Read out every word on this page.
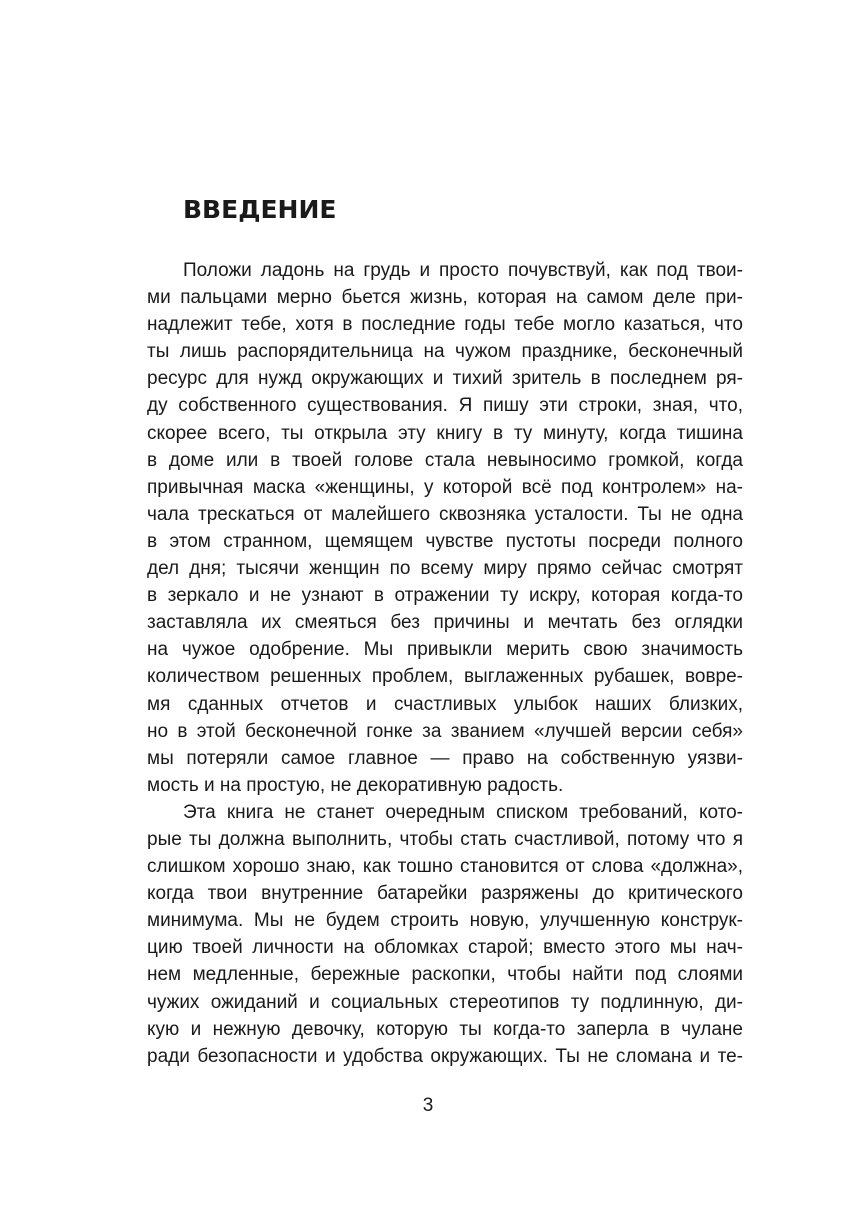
ВВЕДЕНИЕ
Положи ладонь на грудь и просто почувствуй, как под твои-
ми пальцами мерно бьется жизнь, которая на самом деле при-
надлежит тебе, хотя в последние годы тебе могло казаться, что
ты лишь распорядительница на чужом празднике, бесконечный
ресурс для нужд окружающих и тихий зритель в последнем ря-
ду собственного существования. Я пишу эти строки, зная, что,
скорее всего, ты открыла эту книгу в ту минуту, когда тишина
в доме или в твоей голове стала невыносимо громкой, когда
привычная маска «женщины, у которой всё под контролем» на-
чала трескаться от малейшего сквозняка усталости. Ты не одна
в этом странном, щемящем чувстве пустоты посреди полного
дел дня; тысячи женщин по всему миру прямо сейчас смотрят
в зеркало и не узнают в отражении ту искру, которая когда-то
заставляла их смеяться без причины и мечтать без оглядки
на чужое одобрение. Мы привыкли мерить свою значимость
количеством решенных проблем, выглаженных рубашек, вовре-
мя сданных отчетов и счастливых улыбок наших близких,
но в этой бесконечной гонке за званием «лучшей версии себя»
мы потеряли самое главное — право на собственную уязви-
мость и на простую, не декоративную радость.
Эта книга не станет очередным списком требований, кото-
рые ты должна выполнить, чтобы стать счастливой, потому что я
слишком хорошо знаю, как тошно становится от слова «должна»,
когда твои внутренние батарейки разряжены до критического
минимума. Мы не будем строить новую, улучшенную конструк-
цию твоей личности на обломках старой; вместо этого мы нач-
нем медленные, бережные раскопки, чтобы найти под слоями
чужих ожиданий и социальных стереотипов ту подлинную, ди-
кую и нежную девочку, которую ты когда-то заперла в чулане
ради безопасности и удобства окружающих. Ты не сломана и те-
3
